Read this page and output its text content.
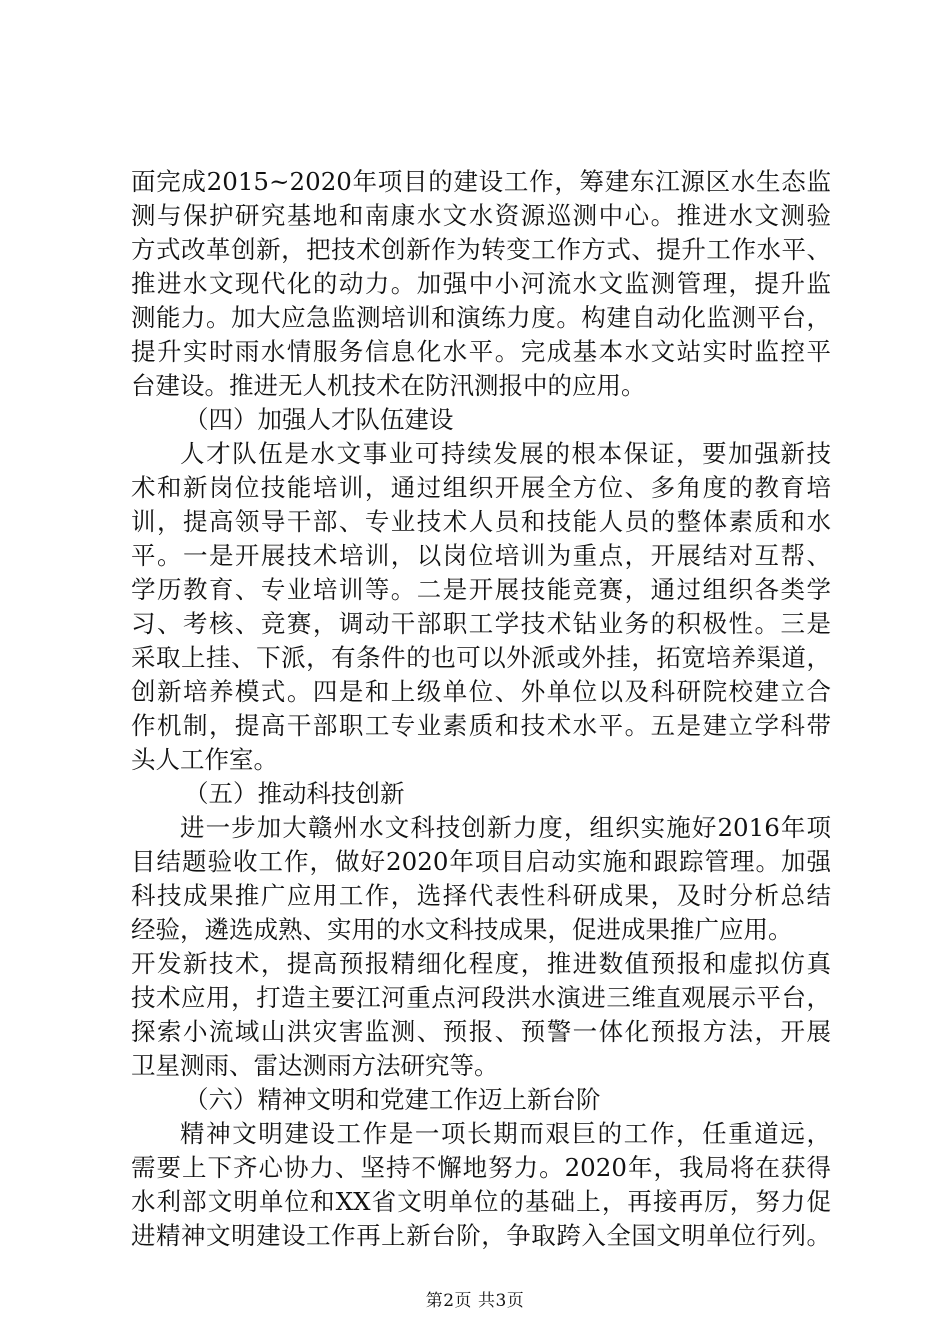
面完成2015~2020年项目的建设工作，筹建东江源区水生态监
测与保护研究基地和南康水文水资源巡测中心。推进水文测验
方式改革创新，把技术创新作为转变工作方式、提升工作水平、
推进水文现代化的动力。加强中小河流水文监测管理，提升监
测能力。加大应急监测培训和演练力度。构建自动化监测平台，
提升实时雨水情服务信息化水平。完成基本水文站实时监控平
台建设。推进无人机技术在防汛测报中的应用。
（四）加强人才队伍建设
人才队伍是水文事业可持续发展的根本保证，要加强新技
术和新岗位技能培训，通过组织开展全方位、多角度的教育培
训，提高领导干部、专业技术人员和技能人员的整体素质和水
平。一是开展技术培训，以岗位培训为重点，开展结对互帮、
学历教育、专业培训等。二是开展技能竞赛，通过组织各类学
习、考核、竞赛，调动干部职工学技术钻业务的积极性。三是
采取上挂、下派，有条件的也可以外派或外挂，拓宽培养渠道，
创新培养模式。四是和上级单位、外单位以及科研院校建立合
作机制，提高干部职工专业素质和技术水平。五是建立学科带
头人工作室。
（五）推动科技创新
进一步加大赣州水文科技创新力度，组织实施好2016年项
目结题验收工作，做好2020年项目启动实施和跟踪管理。加强
科技成果推广应用工作，选择代表性科研成果，及时分析总结
经验，遴选成熟、实用的水文科技成果，促进成果推广应用。
开发新技术，提高预报精细化程度，推进数值预报和虚拟仿真
技术应用，打造主要江河重点河段洪水演进三维直观展示平台，
探索小流域山洪灾害监测、预报、预警一体化预报方法，开展
卫星测雨、雷达测雨方法研究等。
（六）精神文明和党建工作迈上新台阶
精神文明建设工作是一项长期而艰巨的工作，任重道远，
需要上下齐心协力、坚持不懈地努力。2020年，我局将在获得
水利部文明单位和XX省文明单位的基础上，再接再厉，努力促
进精神文明建设工作再上新台阶，争取跨入全国文明单位行列。
第2页 共3页
